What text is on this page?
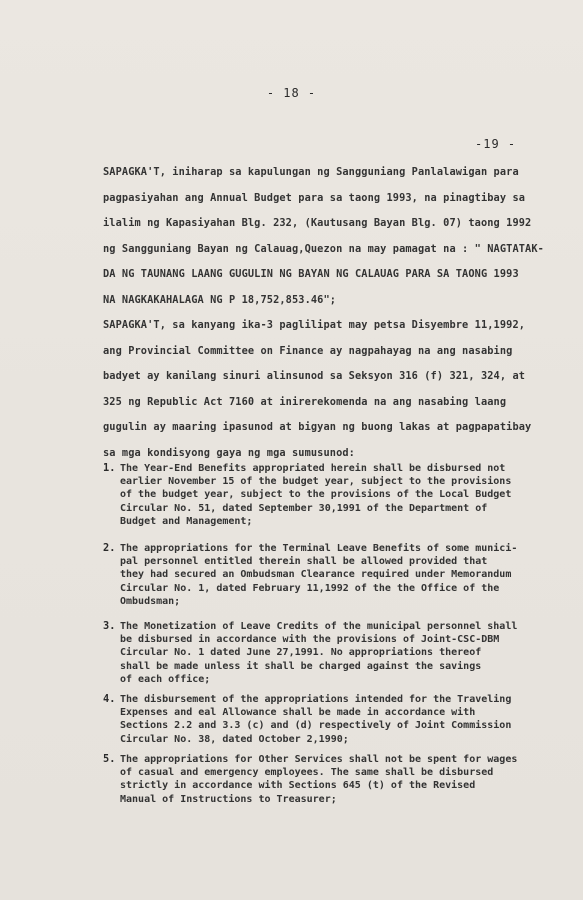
- 18 -
-19 -
SAPAGKA'T, iniharap sa kapulungan ng Sangguniang Panlalawigan para
pagpasiyahan ang Annual Budget para sa taong 1993, na pinagtibay sa
ilalim ng Kapasiyahan Blg. 232, (Kautusang Bayan Blg. 07) taong 1992
ng Sangguniang Bayan ng Calauag,Quezon na may pamagat na : " NAGTATAK-
DA NG TAUNANG LAANG GUGULIN NG BAYAN NG CALAUAG PARA SA TAONG 1993
NA NAGKAKAHALAGA NG P 18,752,853.46";
SAPAGKA'T, sa kanyang ika-3 paglilipat may petsa Disyembre 11,1992,
ang Provincial Committee on Finance ay nagpahayag na ang nasabing
badyet ay kanilang sinuri alinsunod sa Seksyon 316 (f) 321, 324, at
325 ng Republic Act 7160 at inirerekomenda na ang nasabing laang
gugulin ay maaring ipasunod at bigyan ng buong lakas at pagpapatibay
sa mga kondisyong gaya ng mga sumusunod:
1. The Year-End Benefits appropriated herein shall be disbursed not
earlier November 15 of the budget year, subject to the provisions
of the budget year, subject to the provisions of the Local Budget
Circular No. 51, dated September 30,1991 of the Department of
Budget and Management;
2. The appropriations for the Terminal Leave Benefits of some munici-
pal personnel entitled therein shall be allowed provided that
they had secured an Ombudsman Clearance required under Memorandum
Circular No. 1, dated February 11,1992 of the the Office of the
Ombudsman;
3. The Monetization of Leave Credits of the municipal personnel shall
be disbursed in accordance with the provisions of Joint-CSC-DBM
Circular No. 1 dated June 27,1991. No appropriations thereof
shall be made unless it shall be charged against the savings
of each office;
4. The disbursement of the appropriations intended for the Traveling
Expenses and eal Allowance shall be made in accordance with
Sections 2.2 and 3.3 (c) and (d) respectively of Joint Commission
Circular No. 38, dated October 2,1990;
5. The appropriations for Other Services shall not be spent for wages
of casual and emergency employees. The same shall be disbursed
strictly in accordance with Sections 645 (t) of the Revised
Manual of Instructions to Treasurer;
